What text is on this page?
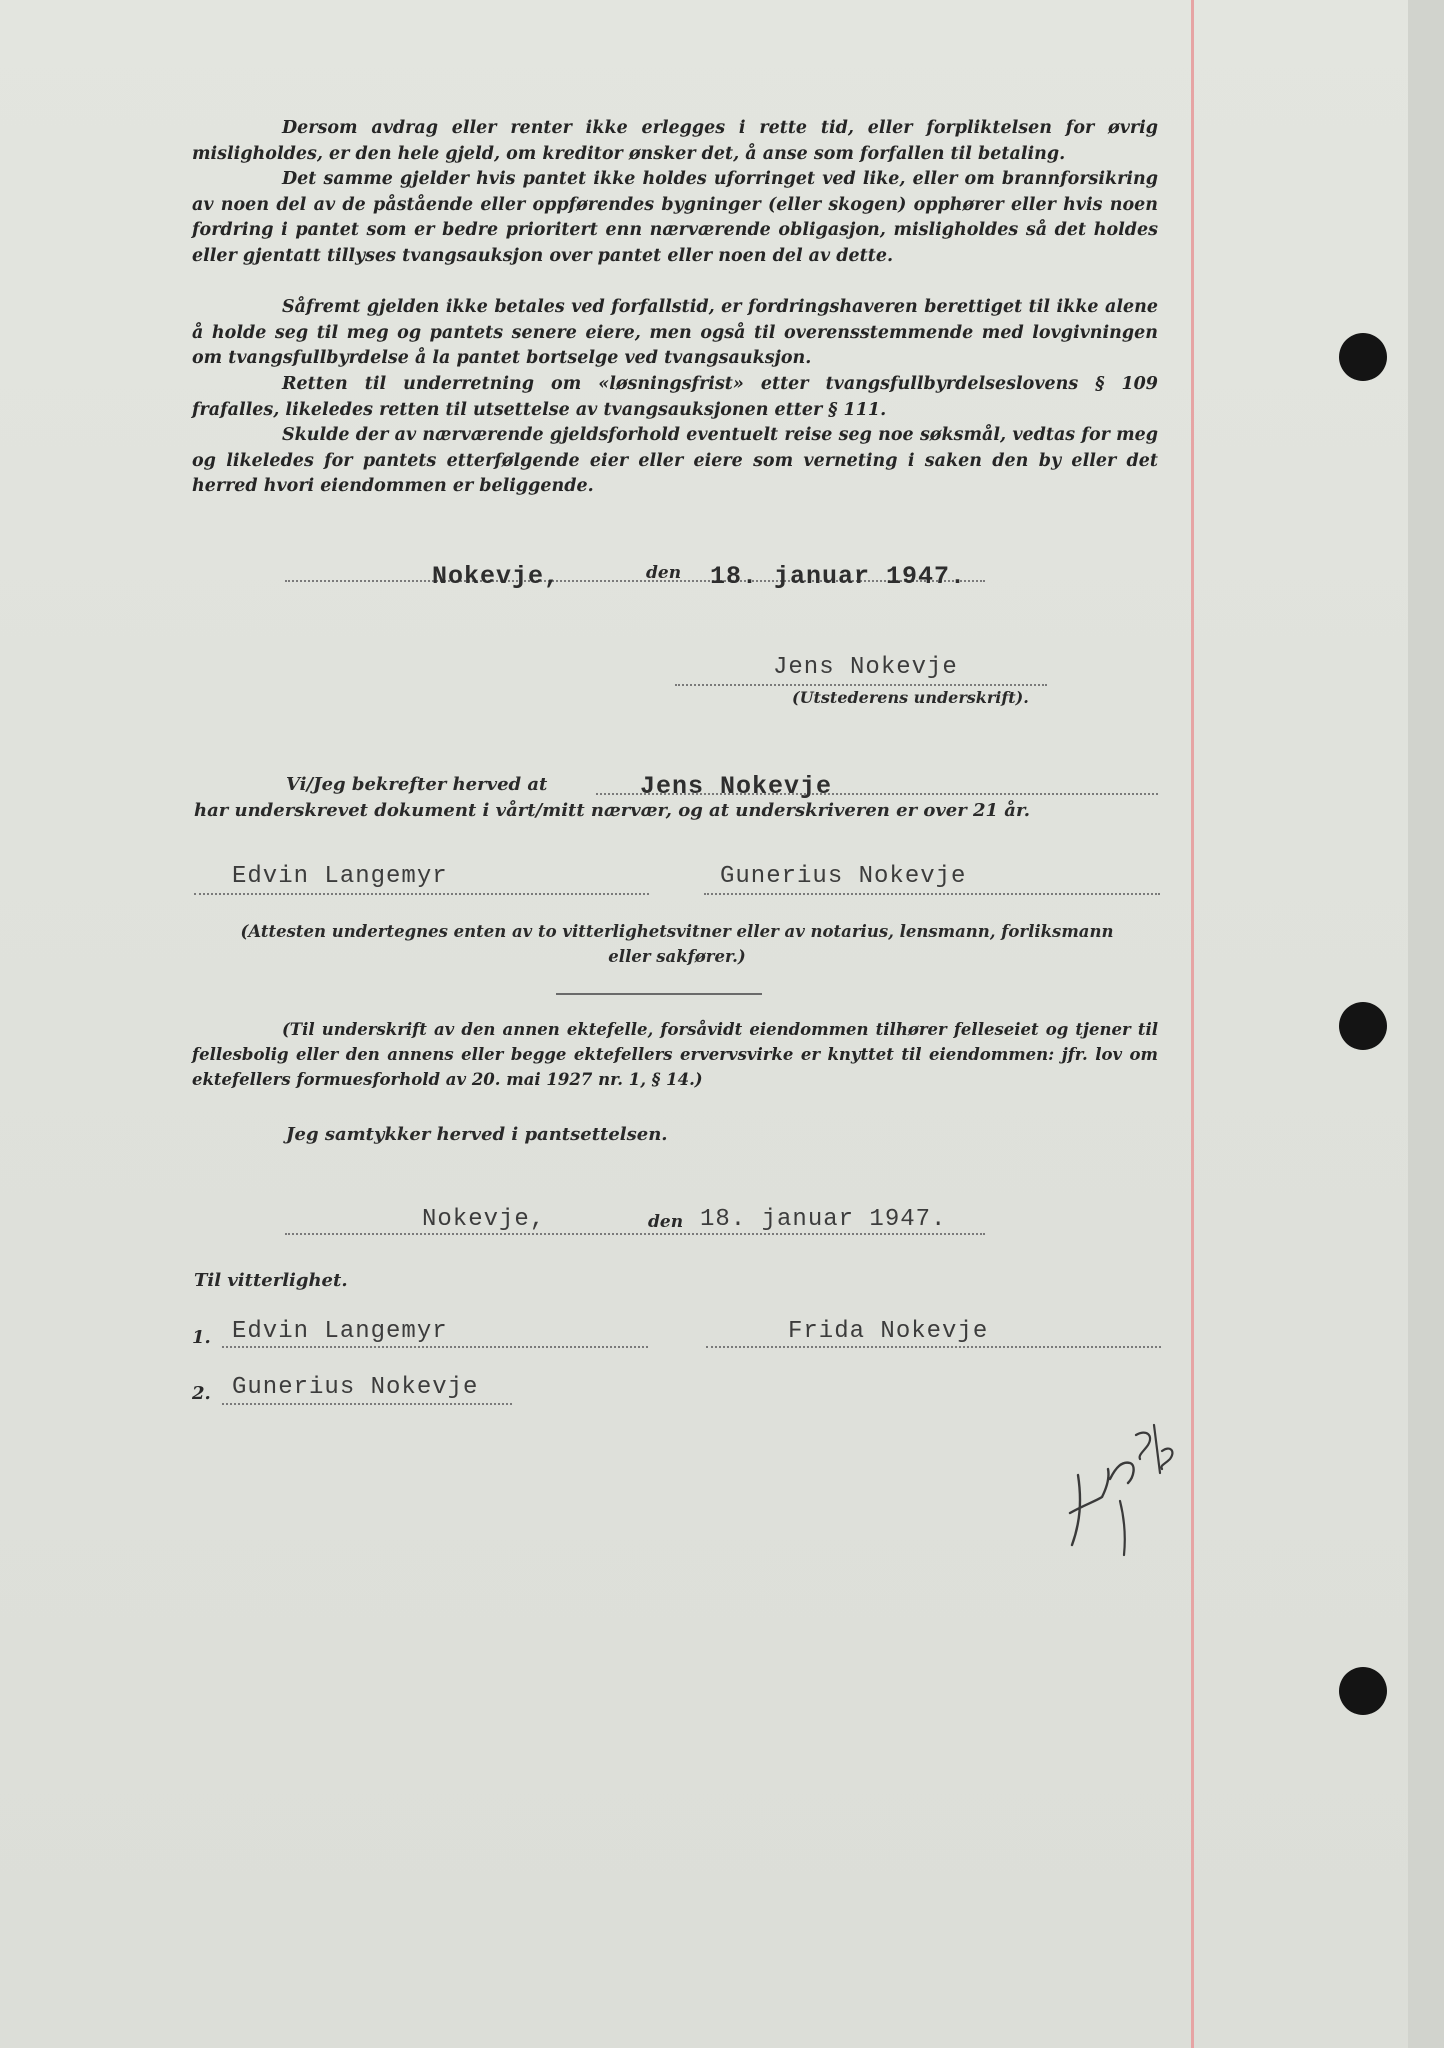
Dersom avdrag eller renter ikke erlegges i rette tid, eller forpliktelsen for øvrig misligholdes, er den hele gjeld, om kreditor ønsker det, å anse som forfallen til betaling.
Det samme gjelder hvis pantet ikke holdes uforringet ved like, eller om brannforsikring av noen del av de påstående eller oppførendes bygninger (eller skogen) opphører eller hvis noen fordring i pantet som er bedre prioritert enn nærværende obligasjon, misligholdes så det holdes eller gjentatt tillyses tvangsauksjon over pantet eller noen del av dette.
Såfremt gjelden ikke betales ved forfallstid, er fordringshaveren berettiget til ikke alene å holde seg til meg og pantets senere eiere, men også til overensstemmende med lovgivningen om tvangsfullbyrdelse å la pantet bortselge ved tvangsauksjon.
Retten til underretning om «løsningsfrist» etter tvangsfullbyrdelseslovens § 109 frafalles, likeledes retten til utsettelse av tvangsauksjonen etter § 111.
Skulde der av nærværende gjeldsforhold eventuelt reise seg noe søksmål, vedtas for meg og likeledes for pantets etterfølgende eier eller eiere som verneting i saken den by eller det herred hvori eiendommen er beliggende.
Nokevje,	den 18. januar 1947.
Jens Nokevje
(Utstederens underskrift).
Vi/Jeg bekrefter herved at	Jens Nokevje
har underskrevet dokument i vårt/mitt nærvær, og at underskriveren er over 21 år.
Edvin Langemyr	Gunerius Nokevje
(Attesten undertegnes enten av to vitterlighetsvitner eller av notarius, lensmann, forliksmann
eller sakfører.)
(Til underskrift av den annen ektefelle, forsåvidt eiendommen tilhører felleseiet og tjener til fellesbolig eller den annens eller begge ektefellers ervervsvirke er knyttet til eiendommen: jfr. lov om ektefellers formuesforhold av 20. mai 1927 nr. 1, § 14.)
Jeg samtykker herved i pantsettelsen.
Nokevje,	den 18. januar 1947.
Til vitterlighet.
1. Edvin Langemyr	Frida Nokevje
2. Gunerius Nokevje
